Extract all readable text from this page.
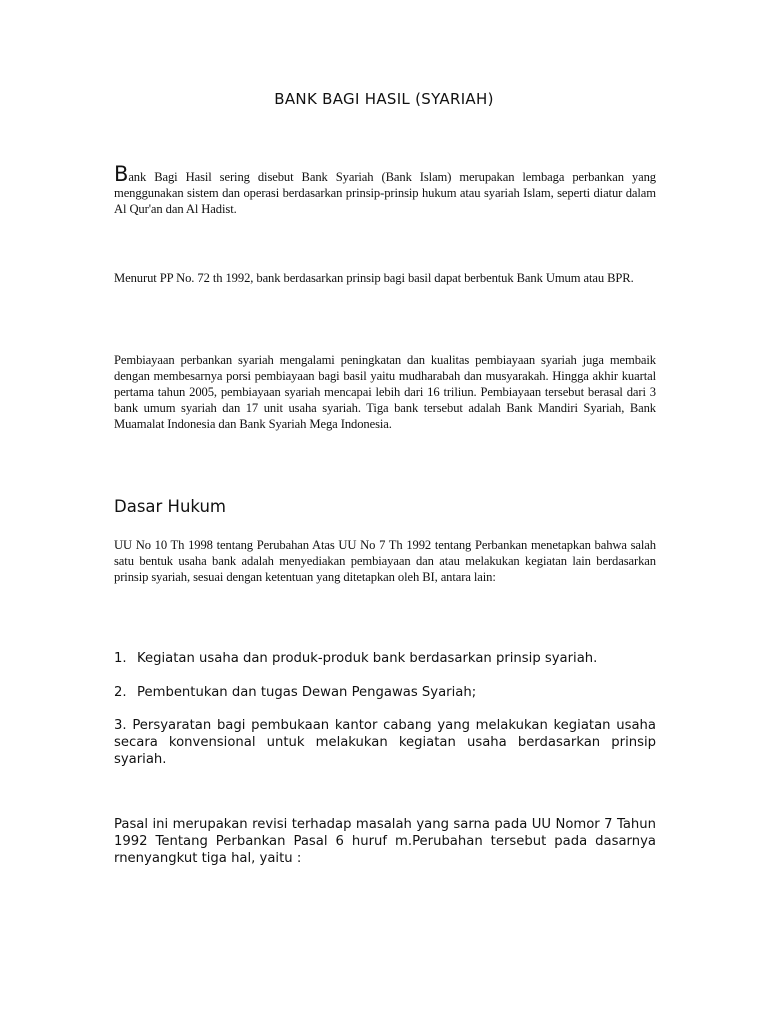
BANK BAGI HASIL (SYARIAH)

Bank Bagi Hasil sering disebut Bank Syariah (Bank Islam) merupakan lembaga perbankan yang menggunakan sistem dan operasi berdasarkan prinsip-prinsip hukum atau syariah Islam, seperti diatur dalam Al Qur'an dan Al Hadist.

Menurut PP No. 72 th 1992, bank berdasarkan prinsip bagi basil dapat berbentuk Bank Umum atau BPR.

Pembiayaan perbankan syariah mengalami peningkatan dan kualitas pembiayaan syariah juga membaik dengan membesarnya porsi pembiayaan bagi basil yaitu mudharabah dan musyarakah. Hingga akhir kuartal pertama tahun 2005, pembiayaan syariah mencapai lebih dari 16 triliun. Pembiayaan tersebut berasal dari 3 bank umum syariah dan 17 unit usaha syariah. Tiga bank tersebut adalah Bank Mandiri Syariah, Bank Muamalat Indonesia dan Bank Syariah Mega Indonesia.

Dasar Hukum

UU No 10 Th 1998 tentang Perubahan Atas UU No 7 Th 1992 tentang Perbankan menetapkan bahwa salah satu bentuk usaha bank adalah menyediakan pembiayaan dan atau melakukan kegiatan lain berdasarkan prinsip syariah, sesuai dengan ketentuan yang ditetapkan oleh BI, antara lain:

1. Kegiatan usaha dan produk-produk bank berdasarkan prinsip syariah.
2. Pembentukan dan tugas Dewan Pengawas Syariah;
3. Persyaratan bagi pembukaan kantor cabang yang melakukan kegiatan usaha secara konvensional untuk melakukan kegiatan usaha berdasarkan prinsip syariah.

Pasal ini merupakan revisi terhadap masalah yang sarna pada UU Nomor 7 Tahun 1992 Tentang Perbankan Pasal 6 huruf m.Perubahan tersebut pada dasarnya rnenyangkut tiga hal, yaitu :
